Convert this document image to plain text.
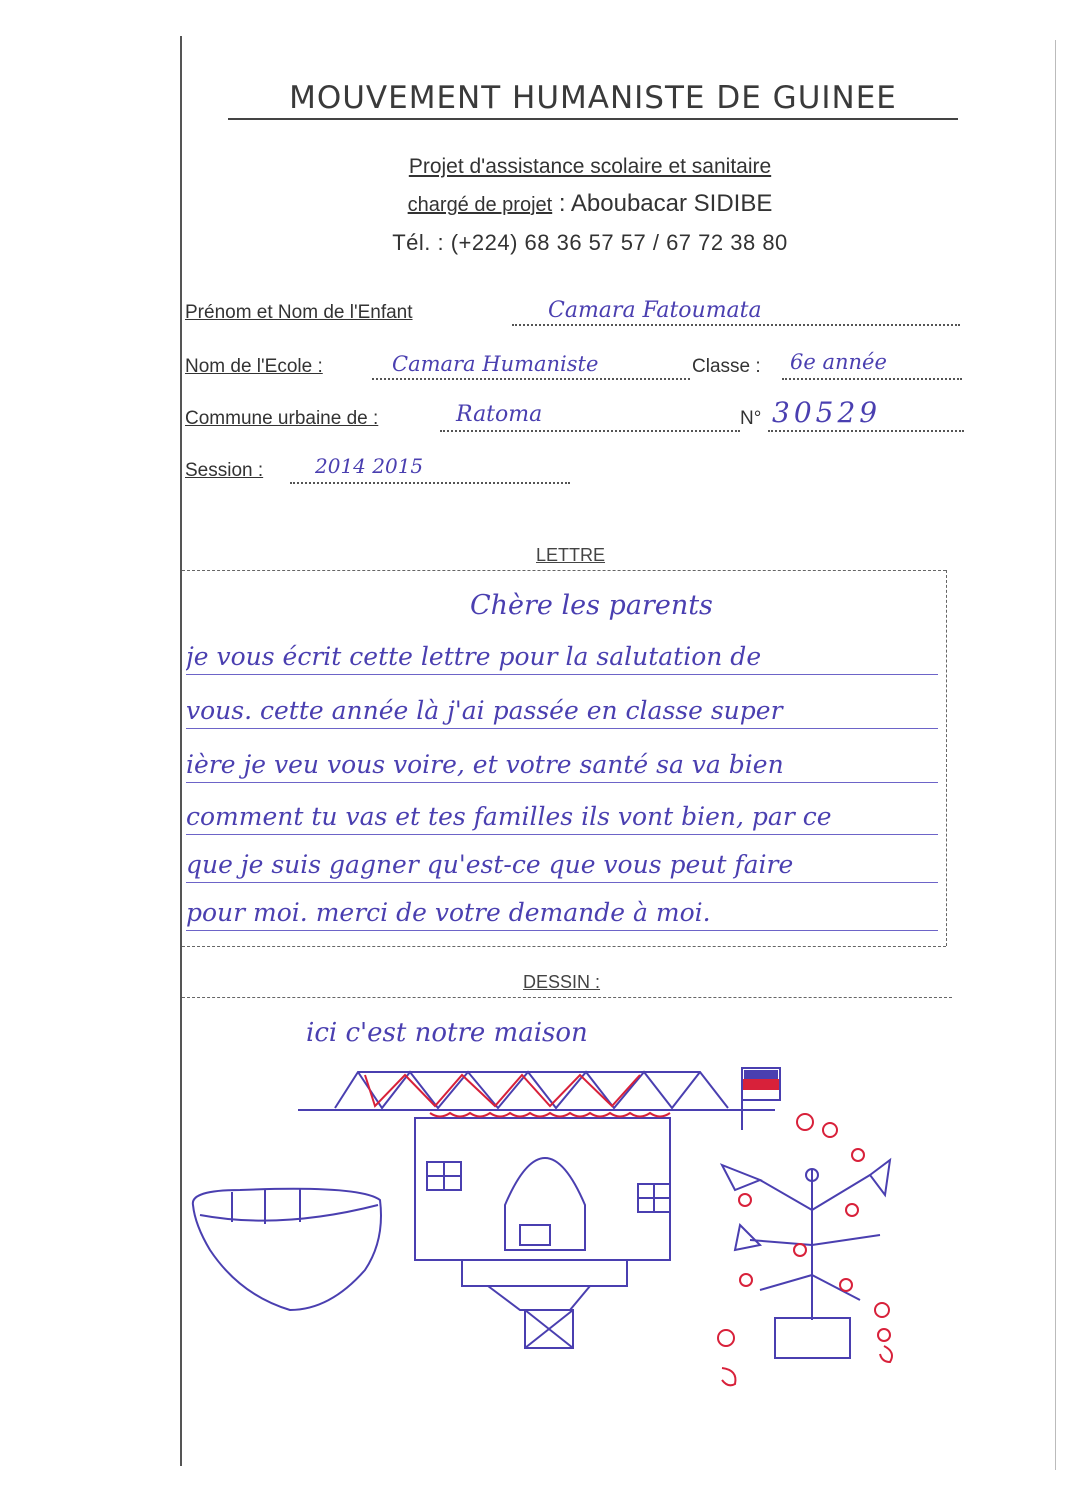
MOUVEMENT HUMANISTE DE GUINEE
Projet d'assistance scolaire et sanitaire
chargé de projet : Aboubacar SIDIBE
Tél. : (+224) 68 36 57 57 / 67 72 38 80
Prénom et Nom de l'Enfant	Camara Fatoumata
Nom de l'Ecole :	Camara Humaniste	Classe : 6e année
Commune urbaine de :	Ratoma	N° 30529
Session :	2014 2015
LETTRE
Chère les parents
je vous écrit cette lettre pour la salutation de
vous. cette année là j'ai passée en classe super
ière je veu vous voire, et votre santé sa va bien
comment tu vas et tes familles ils vont bien, par ce
que je suis gagner qu'est-ce que vous peut faire
pour moi. merci de votre demande à moi.
DESSIN :
ici c'est notre maison
